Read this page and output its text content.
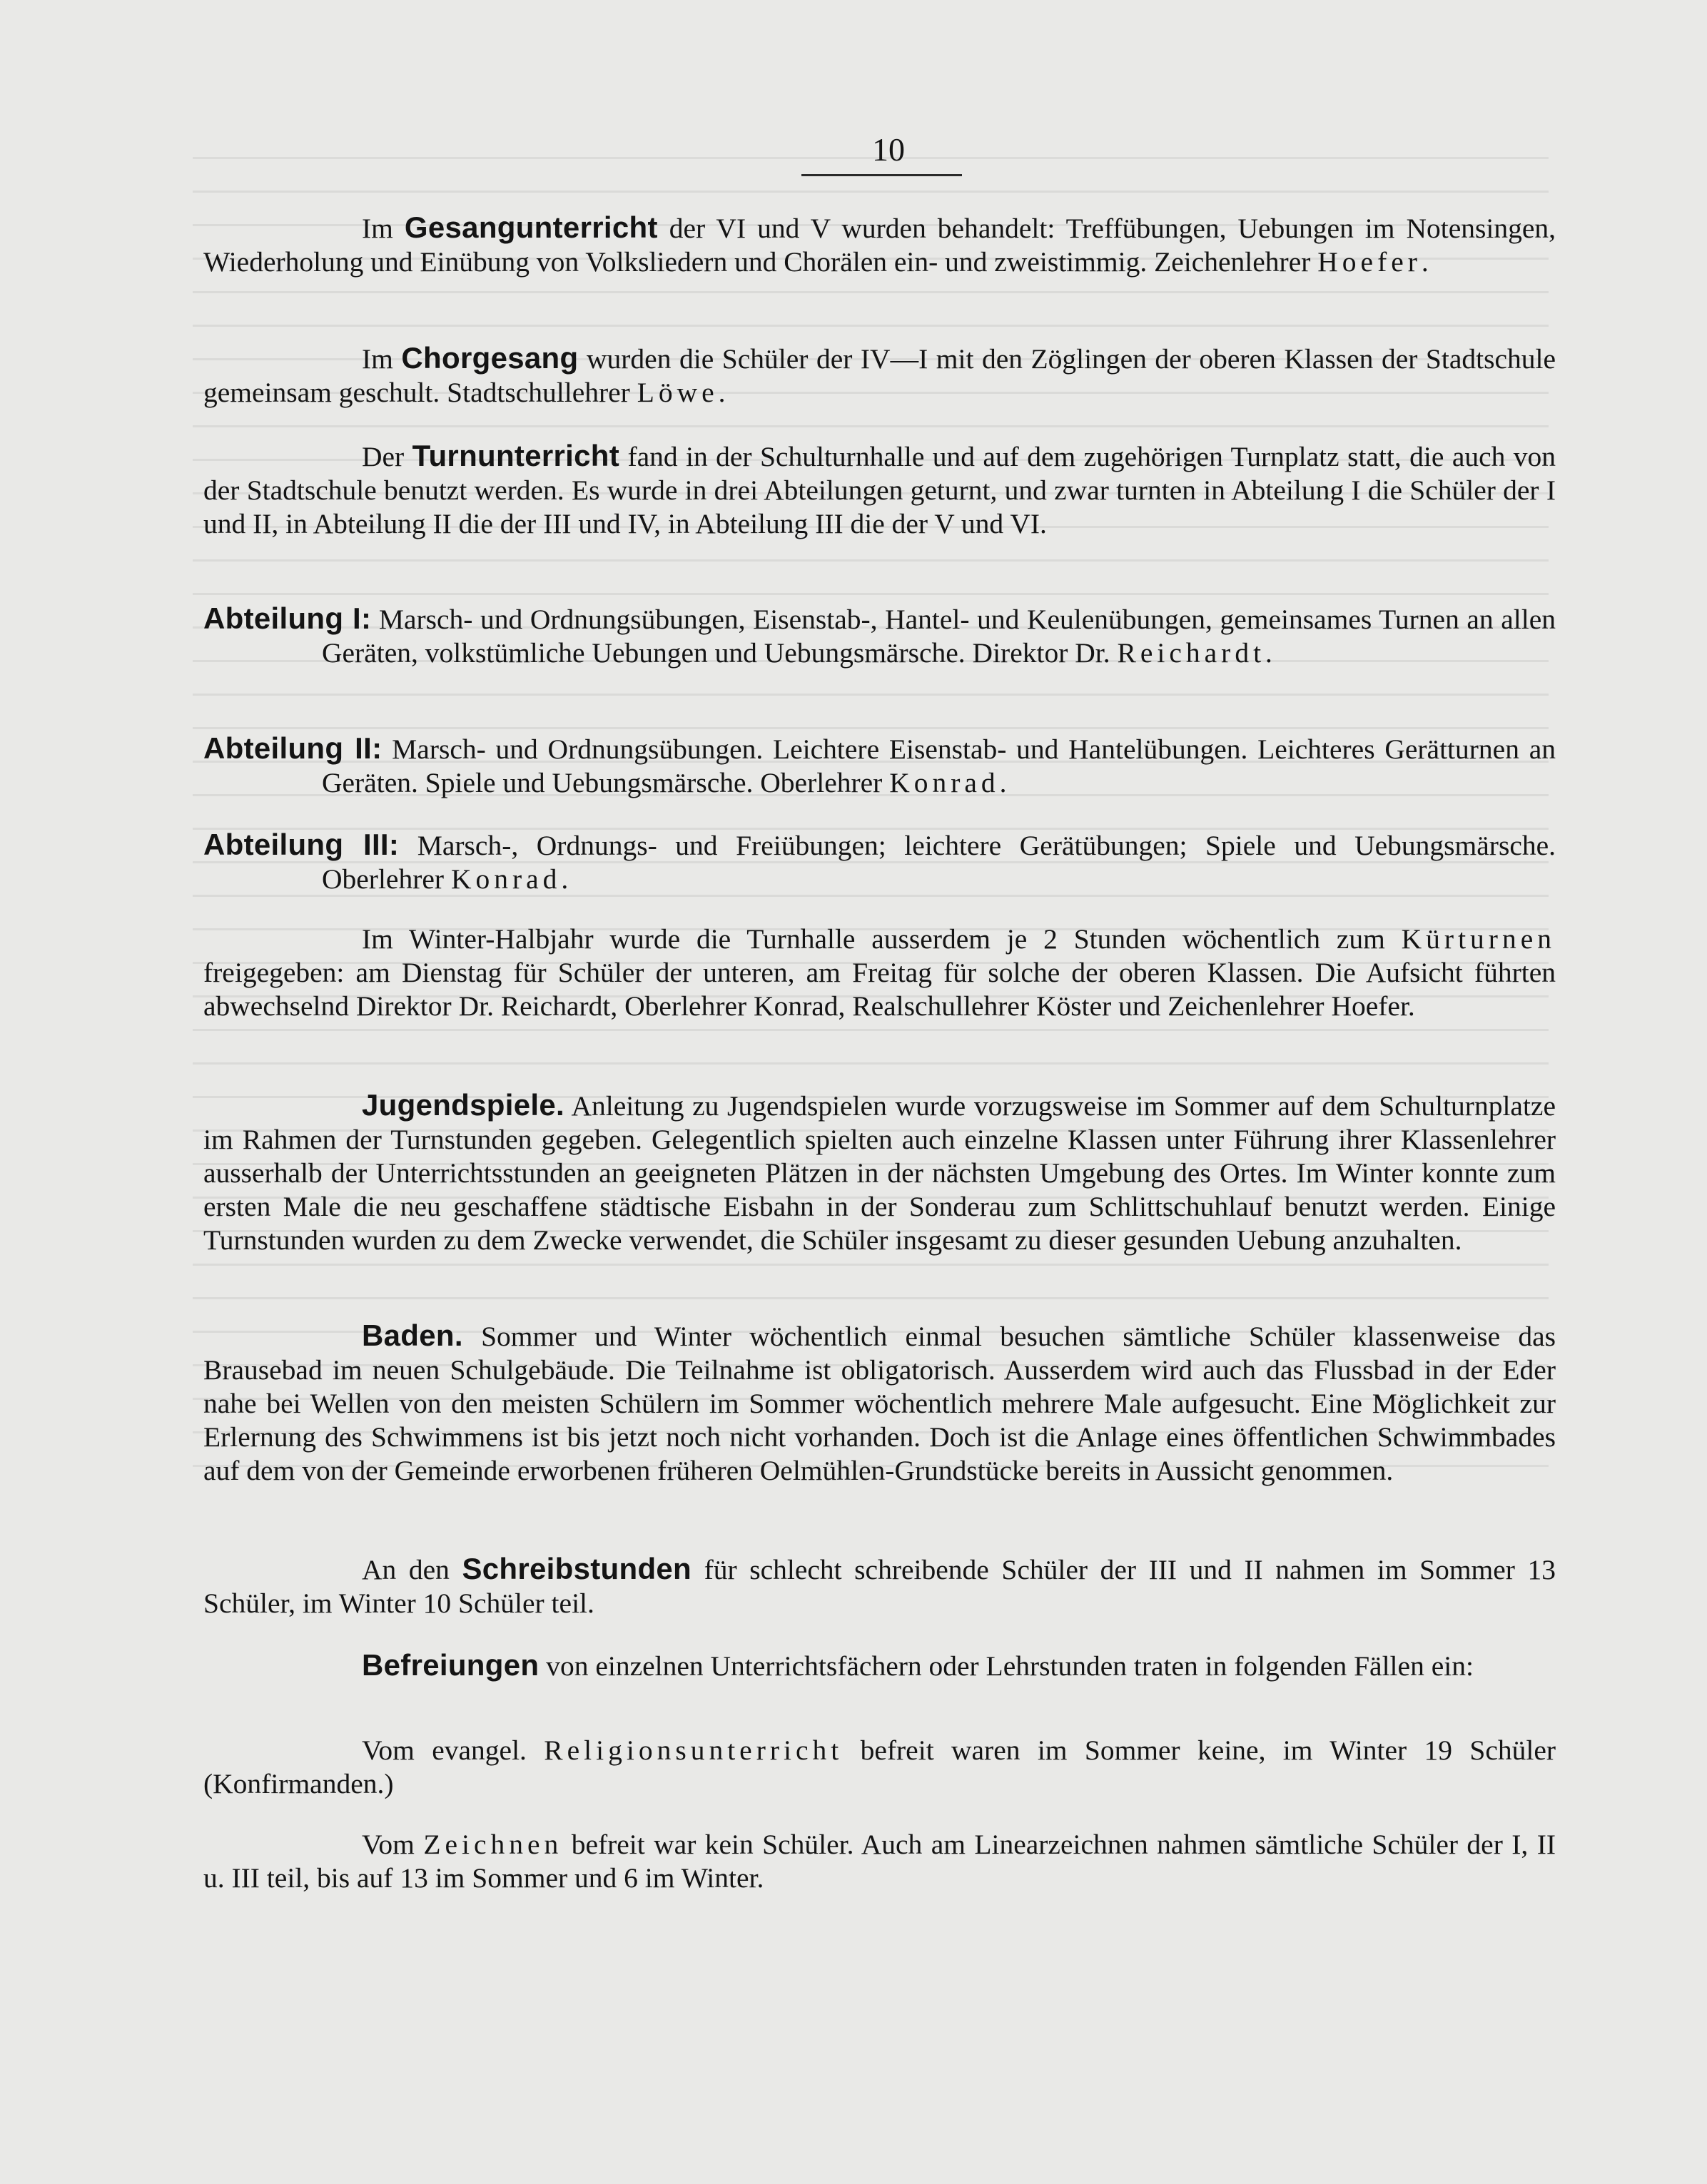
10

Im Gesangunterricht der VI und V wurden behandelt: Treffübungen, Uebungen im Notensingen, Wiederholung und Einübung von Volksliedern und Chorälen ein- und zweistimmig. Zeichenlehrer Hoefer.

Im Chorgesang wurden die Schüler der IV—I mit den Zöglingen der oberen Klassen der Stadtschule gemeinsam geschult. Stadtschullehrer Löwe.

Der Turnunterricht fand in der Schulturnhalle und auf dem zugehörigen Turnplatz statt, die auch von der Stadtschule benutzt werden. Es wurde in drei Abteilungen geturnt, und zwar turnten in Abteilung I die Schüler der I und II, in Abteilung II die der III und IV, in Abteilung III die der V und VI.

Abteilung I: Marsch- und Ordnungsübungen, Eisenstab-, Hantel- und Keulenübungen, gemeinsames Turnen an allen Geräten, volkstümliche Uebungen und Uebungsmärsche. Direktor Dr. Reichardt.

Abteilung II: Marsch- und Ordnungsübungen. Leichtere Eisenstab- und Hantelübungen. Leichteres Gerätturnen an Geräten. Spiele und Uebungsmärsche. Oberlehrer Konrad.

Abteilung III: Marsch-, Ordnungs- und Freiübungen; leichtere Gerätübungen; Spiele und Uebungsmärsche. Oberlehrer Konrad.

Im Winter-Halbjahr wurde die Turnhalle ausserdem je 2 Stunden wöchentlich zum Kürturnen freigegeben: am Dienstag für Schüler der unteren, am Freitag für solche der oberen Klassen. Die Aufsicht führten abwechselnd Direktor Dr. Reichardt, Oberlehrer Konrad, Realschullehrer Köster und Zeichenlehrer Hoefer.

Jugendspiele. Anleitung zu Jugendspielen wurde vorzugsweise im Sommer auf dem Schulturnplatze im Rahmen der Turnstunden gegeben. Gelegentlich spielten auch einzelne Klassen unter Führung ihrer Klassenlehrer ausserhalb der Unterrichtsstunden an geeigneten Plätzen in der nächsten Umgebung des Ortes. Im Winter konnte zum ersten Male die neu geschaffene städtische Eisbahn in der Sonderau zum Schlittschuhlauf benutzt werden. Einige Turnstunden wurden zu dem Zwecke verwendet, die Schüler insgesamt zu dieser gesunden Uebung anzuhalten.

Baden. Sommer und Winter wöchentlich einmal besuchen sämtliche Schüler klassenweise das Brausebad im neuen Schulgebäude. Die Teilnahme ist obligatorisch. Ausserdem wird auch das Flussbad in der Eder nahe bei Wellen von den meisten Schülern im Sommer wöchentlich mehrere Male aufgesucht. Eine Möglichkeit zur Erlernung des Schwimmens ist bis jetzt noch nicht vorhanden. Doch ist die Anlage eines öffentlichen Schwimmbades auf dem von der Gemeinde erworbenen früheren Oelmühlen-Grundstücke bereits in Aussicht genommen.

An den Schreibstunden für schlecht schreibende Schüler der III und II nahmen im Sommer 13 Schüler, im Winter 10 Schüler teil.

Befreiungen von einzelnen Unterrichtsfächern oder Lehrstunden traten in folgenden Fällen ein:

Vom evangel. Religionsunterricht befreit waren im Sommer keine, im Winter 19 Schüler (Konfirmanden.)

Vom Zeichnen befreit war kein Schüler. Auch am Linearzeichnen nahmen sämtliche Schüler der I, II u. III teil, bis auf 13 im Sommer und 6 im Winter.
